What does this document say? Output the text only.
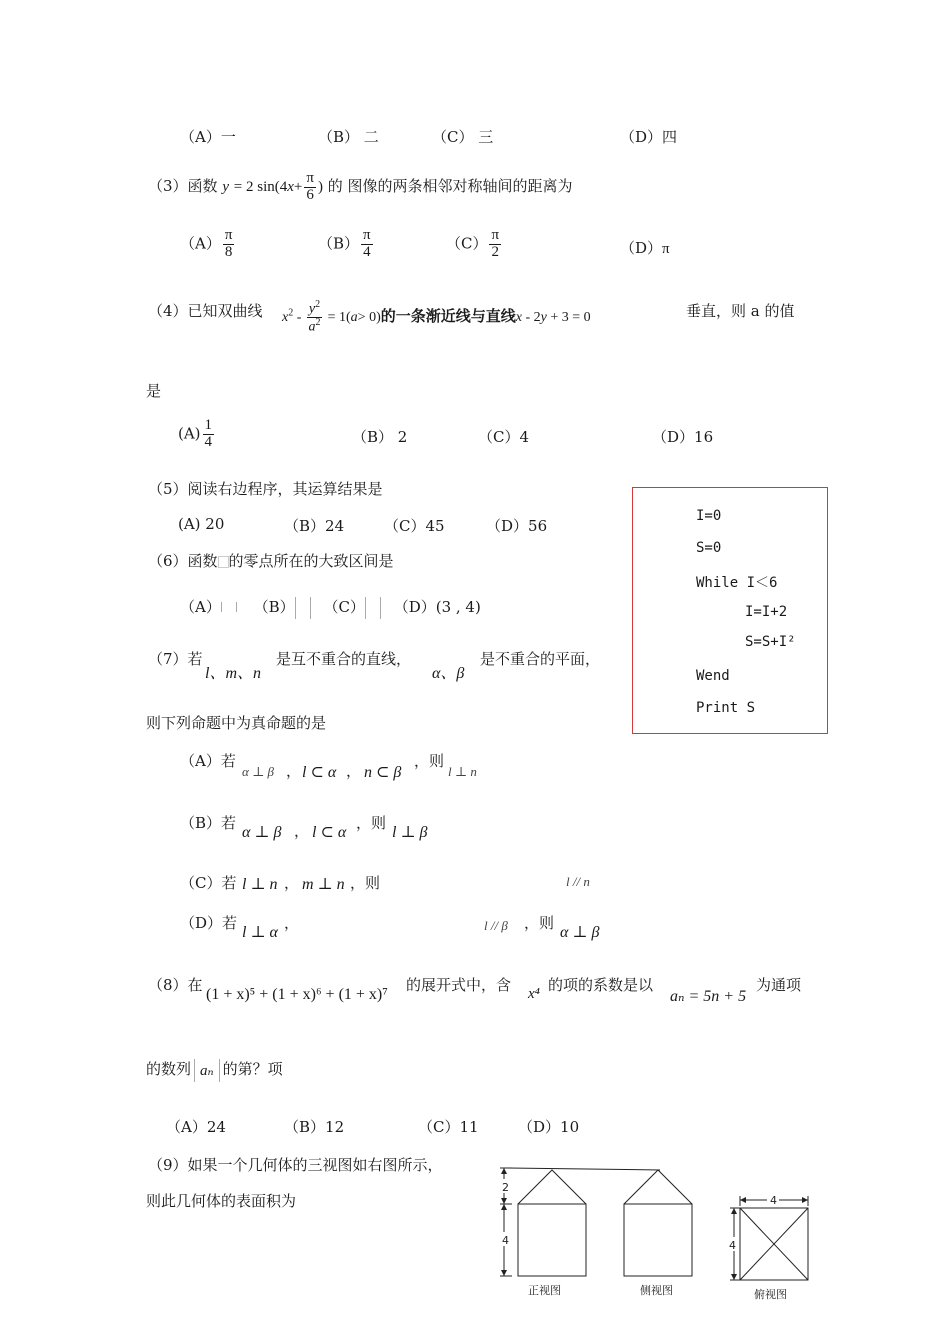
（A）一	（B） 二	（C） 三	（D）四
（3）函数 y = 2 $\sin(4x+ \frac{\pi}{6}$ ) 的 图像的两条相邻对称轴间的距离为
$(A) \frac{\pi}{8}$	$(B) \frac{\pi}{4}$	$(C) \frac{\pi}{2}$	（D）π
（4）已知双曲线 $x^2 - \frac{y^2}{a^2} = 1(a> 0)$的一条渐近线与直线x - 2y + 3 = 0	垂直，则 a 的值
是
$(A) \frac{1}{4}$	（B） 2	（C）4	（D）16
（5）阅读右边程序，其运算结果是
(A) 20	（B）24	（C）45	（D）56
I=0
S=0
While I＜6
I=I+2
S=S+I²
Wend
Print S
（6）函数 的零点所在的大致区间是
（A） （B） （C） （D）(3 , 4)
（7）若
l、m、n
是互不重合的直线，
α、β
是不重合的平面，
则下列命题中为真命题的是
（A）若
α ⊥ β ， l ⊂ α ， n ⊂ β
，则
l ⊥ n
（B）若
α ⊥ β ， l ⊂ α
，则
l ⊥ β
（C）若 l ⊥ n ， m ⊥ n ，则	l // n
（D）若
l ⊥ α
，	l // β ，则
α ⊥ β
（8）在
(1 + x)⁵ + (1 + x)⁶ + (1 + x)⁷
的展开式中，含 x⁴ 的项的系数是以
aₙ = 5n + 5
为通项
的数列 aₙ 的第？项
（A）24	（B）12	（C）11	（D）10
（9）如果一个几何体的三视图如右图所示，
则此几何体的表面积为
2
4
4
4
正视图	侧视图	俯视图
